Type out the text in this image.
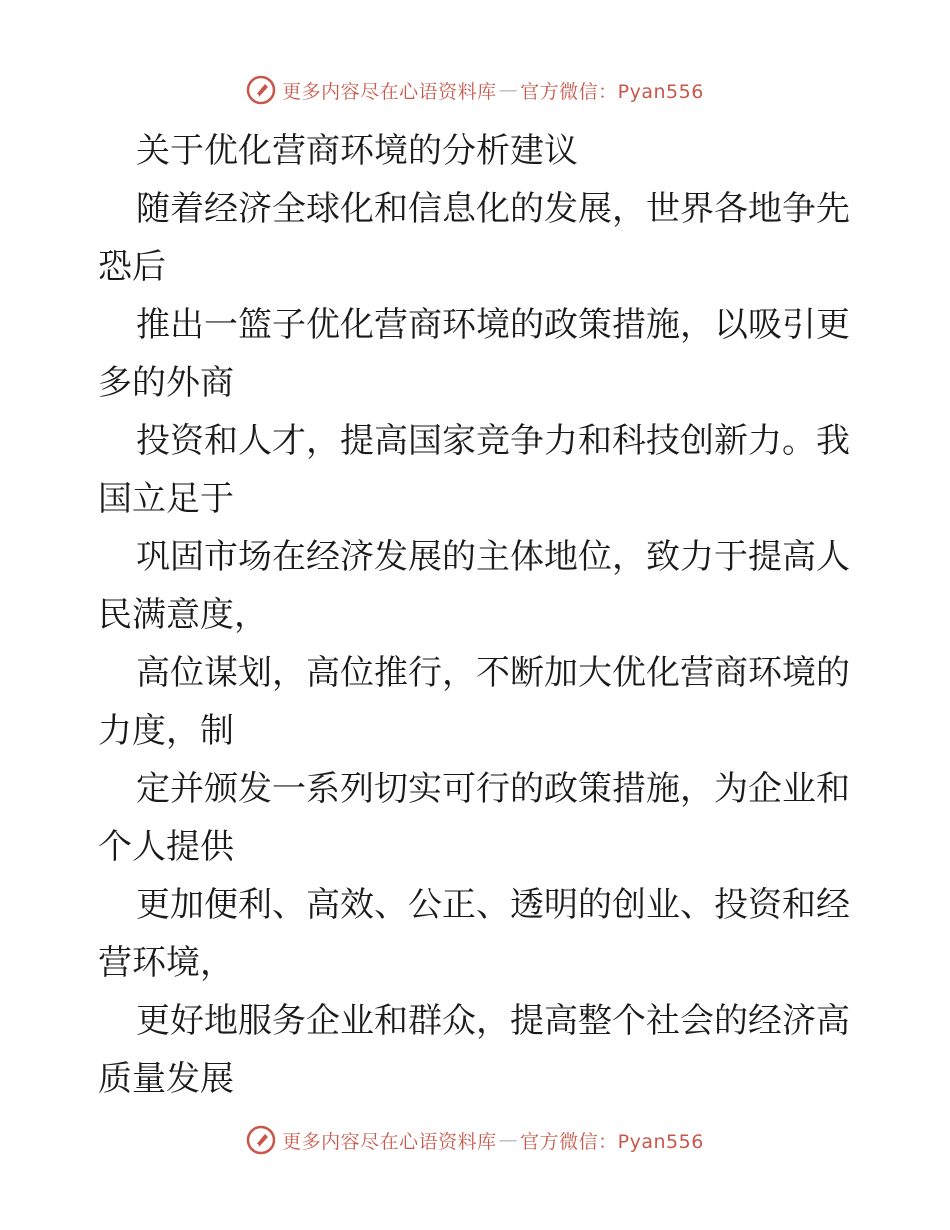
更多内容尽在心语资料库 — 官方微信：Pyan556
关于优化营商环境的分析建议
随着经济全球化和信息化的发展，世界各地争先
恐后
推出一篮子优化营商环境的政策措施，以吸引更
多的外商
投资和人才，提高国家竞争力和科技创新力。我
国立足于
巩固市场在经济发展的主体地位，致力于提高人
民满意度，
高位谋划，高位推行，不断加大优化营商环境的
力度，制
定并颁发一系列切实可行的政策措施，为企业和
个人提供
更加便利、高效、公正、透明的创业、投资和经
营环境，
更好地服务企业和群众，提高整个社会的经济高
质量发展
更多内容尽在心语资料库 — 官方微信：Pyan556
